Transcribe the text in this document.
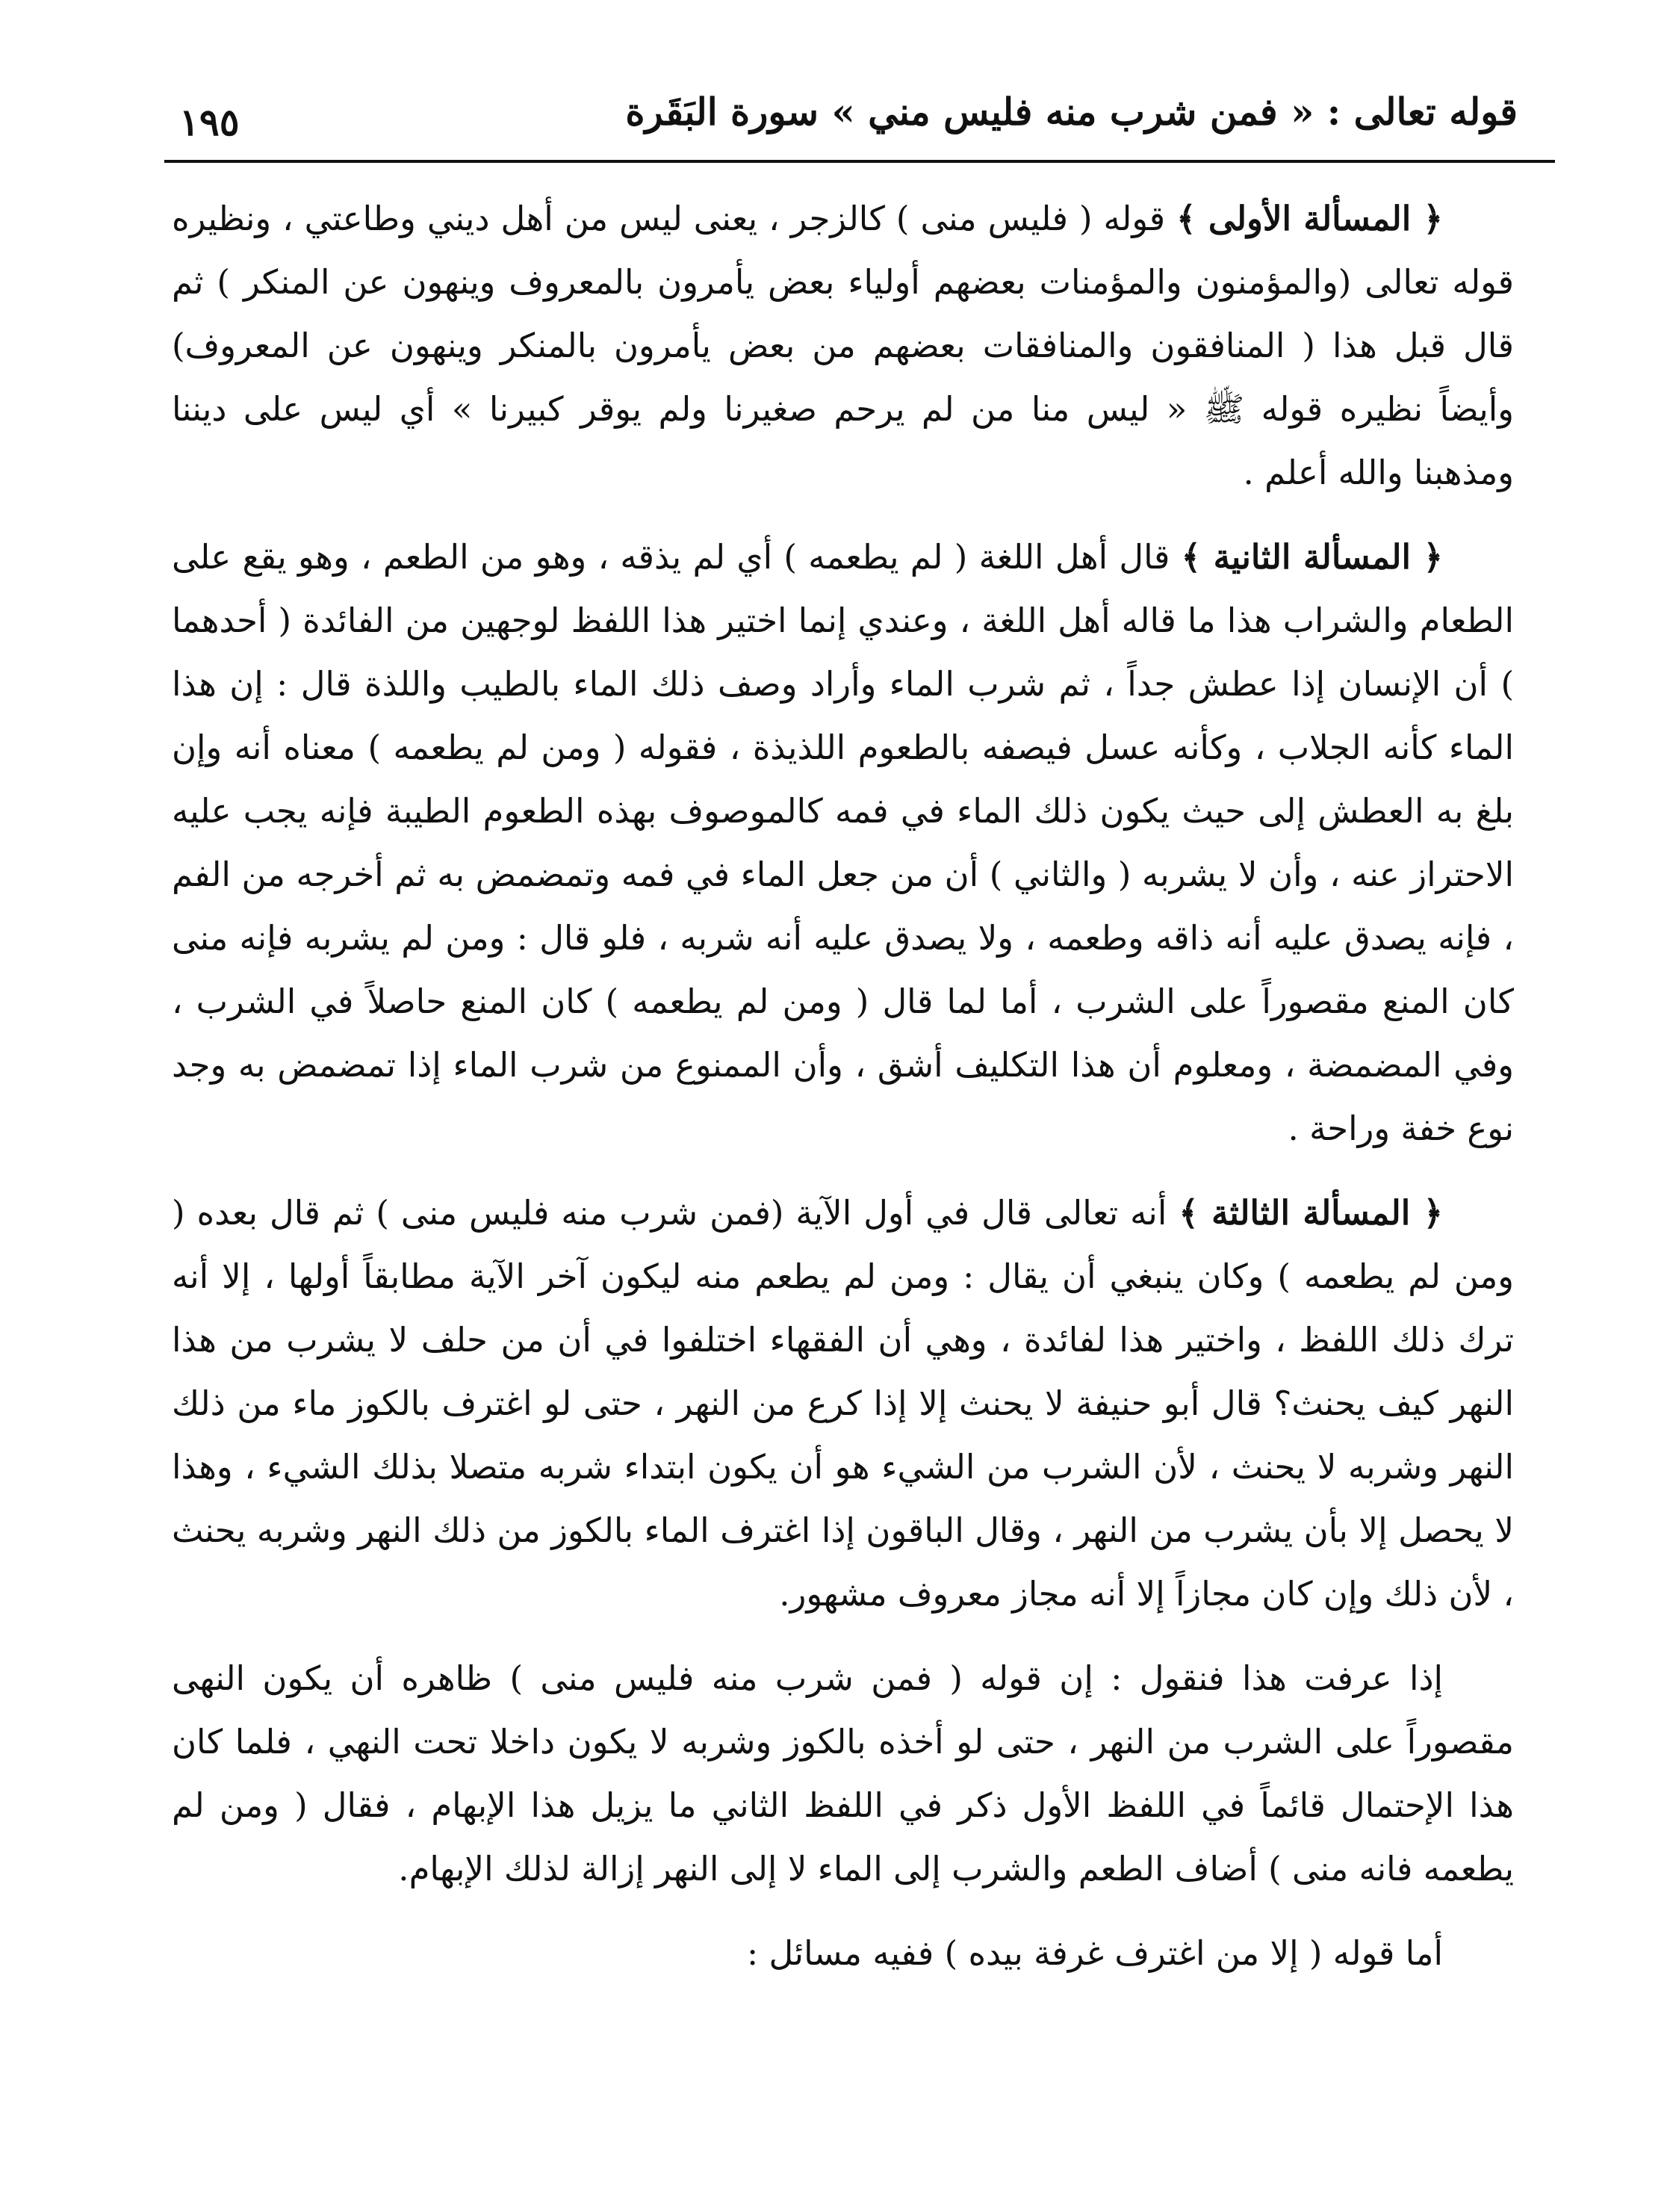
قوله تعالى : « فمن شرب منه فليس مني » سورة البَقَرة
١٩٥

﴿ المسألة الأولى ﴾ قوله ( فليس منى ) كالزجر ، يعنى ليس من أهل ديني وطاعتي ، ونظيره قوله تعالى (والمؤمنون والمؤمنات بعضهم أولياء بعض يأمرون بالمعروف وينهون عن المنكر ) ثم قال قبل هذا ( المنافقون والمنافقات بعضهم من بعض يأمرون بالمنكر وينهون عن المعروف) وأيضاً نظيره قوله ﷺ « ليس منا من لم يرحم صغيرنا ولم يوقر كبيرنا » أي ليس على ديننا ومذهبنا والله أعلم .

﴿ المسألة الثانية ﴾ قال أهل اللغة ( لم يطعمه ) أي لم يذقه ، وهو من الطعم ، وهو يقع على الطعام والشراب هذا ما قاله أهل اللغة ، وعندي إنما اختير هذا اللفظ لوجهين من الفائدة ( أحدهما ) أن الإنسان إذا عطش جداً ، ثم شرب الماء وأراد وصف ذلك الماء بالطيب واللذة قال : إن هذا الماء كأنه الجلاب ، وكأنه عسل فيصفه بالطعوم اللذيذة ، فقوله ( ومن لم يطعمه ) معناه أنه وإن بلغ به العطش إلى حيث يكون ذلك الماء في فمه كالموصوف بهذه الطعوم الطيبة فإنه يجب عليه الاحتراز عنه ، وأن لا يشربه ( والثاني ) أن من جعل الماء في فمه وتمضمض به ثم أخرجه من الفم ، فإنه يصدق عليه أنه ذاقه وطعمه ، ولا يصدق عليه أنه شربه ، فلو قال : ومن لم يشربه فإنه منى كان المنع مقصوراً على الشرب ، أما لما قال ( ومن لم يطعمه ) كان المنع حاصلاً في الشرب ، وفي المضمضة ، ومعلوم أن هذا التكليف أشق ، وأن الممنوع من شرب الماء إذا تمضمض به وجد نوع خفة وراحة .

﴿ المسألة الثالثة ﴾ أنه تعالى قال في أول الآية (فمن شرب منه فليس منى ) ثم قال بعده ( ومن لم يطعمه ) وكان ينبغي أن يقال : ومن لم يطعم منه ليكون آخر الآية مطابقاً أولها ، إلا أنه ترك ذلك اللفظ ، واختير هذا لفائدة ، وهي أن الفقهاء اختلفوا في أن من حلف لا يشرب من هذا النهر كيف يحنث؟ قال أبو حنيفة لا يحنث إلا إذا كرع من النهر ، حتى لو اغترف بالكوز ماء من ذلك النهر وشربه لا يحنث ، لأن الشرب من الشيء هو أن يكون ابتداء شربه متصلا بذلك الشيء ، وهذا لا يحصل إلا بأن يشرب من النهر ، وقال الباقون إذا اغترف الماء بالكوز من ذلك النهر وشربه يحنث ، لأن ذلك وإن كان مجازاً إلا أنه مجاز معروف مشهور.

إذا عرفت هذا فنقول : إن قوله ( فمن شرب منه فليس منى ) ظاهره أن يكون النهى مقصوراً على الشرب من النهر ، حتى لو أخذه بالكوز وشربه لا يكون داخلا تحت النهي ، فلما كان هذا الإحتمال قائماً في اللفظ الأول ذكر في اللفظ الثاني ما يزيل هذا الإبهام ، فقال ( ومن لم يطعمه فانه منى ) أضاف الطعم والشرب إلى الماء لا إلى النهر إزالة لذلك الإبهام.

أما قوله ( إلا من اغترف غرفة بيده ) ففيه مسائل :
